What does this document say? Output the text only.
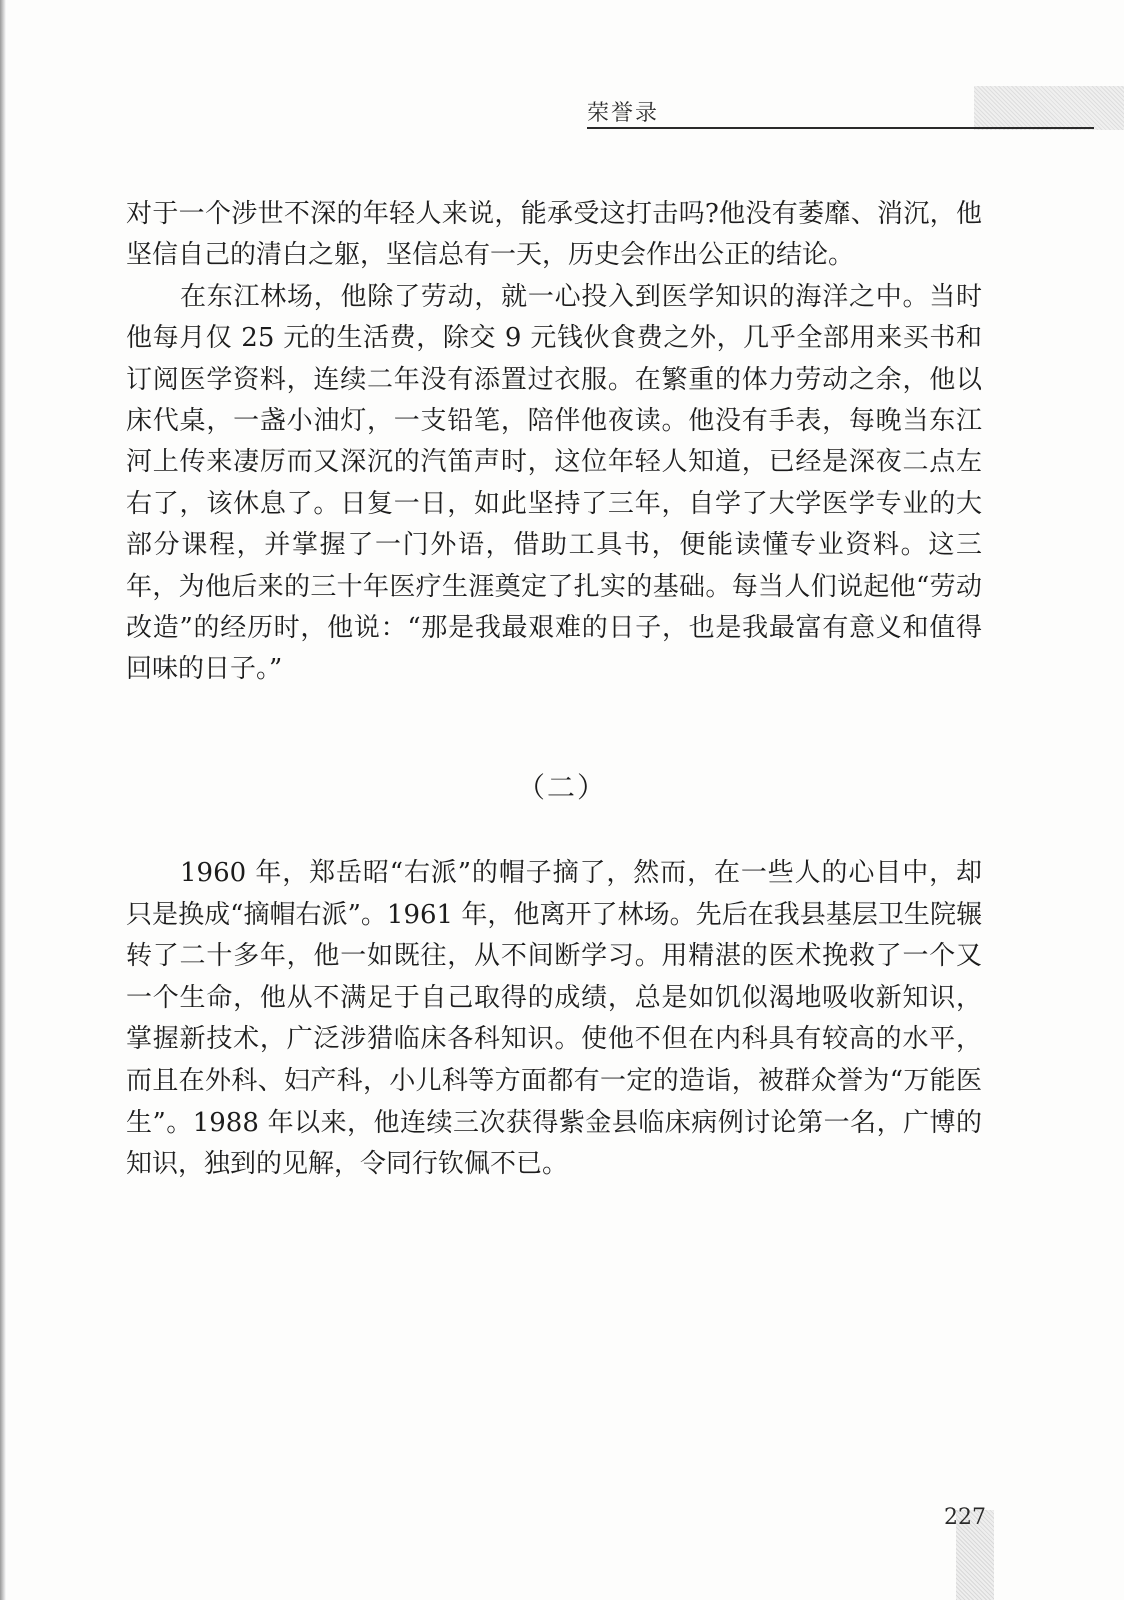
荣誉录

对于一个涉世不深的年轻人来说，能承受这打击吗?他没有萎靡、消沉，他坚信自己的清白之躯，坚信总有一天，历史会作出公正的结论。

在东江林场，他除了劳动，就一心投入到医学知识的海洋之中。当时他每月仅 25 元的生活费，除交 9 元钱伙食费之外，几乎全部用来买书和订阅医学资料，连续二年没有添置过衣服。在繁重的体力劳动之余，他以床代桌，一盏小油灯，一支铅笔，陪伴他夜读。他没有手表，每晚当东江河上传来凄厉而又深沉的汽笛声时，这位年轻人知道，已经是深夜二点左右了，该休息了。日复一日，如此坚持了三年，自学了大学医学专业的大部分课程，并掌握了一门外语，借助工具书，便能读懂专业资料。这三年，为他后来的三十年医疗生涯奠定了扎实的基础。每当人们说起他“劳动改造”的经历时，他说：“那是我最艰难的日子，也是我最富有意义和值得回味的日子。”

（二）

1960 年，郑岳昭“右派”的帽子摘了，然而，在一些人的心目中，却只是换成“摘帽右派”。1961 年，他离开了林场。先后在我县基层卫生院辗转了二十多年，他一如既往，从不间断学习。用精湛的医术挽救了一个又一个生命，他从不满足于自己取得的成绩，总是如饥似渴地吸收新知识，掌握新技术，广泛涉猎临床各科知识。使他不但在内科具有较高的水平，而且在外科、妇产科，小儿科等方面都有一定的造诣，被群众誉为“万能医生”。1988 年以来，他连续三次获得紫金县临床病例讨论第一名，广博的知识，独到的见解，令同行钦佩不已。

227
